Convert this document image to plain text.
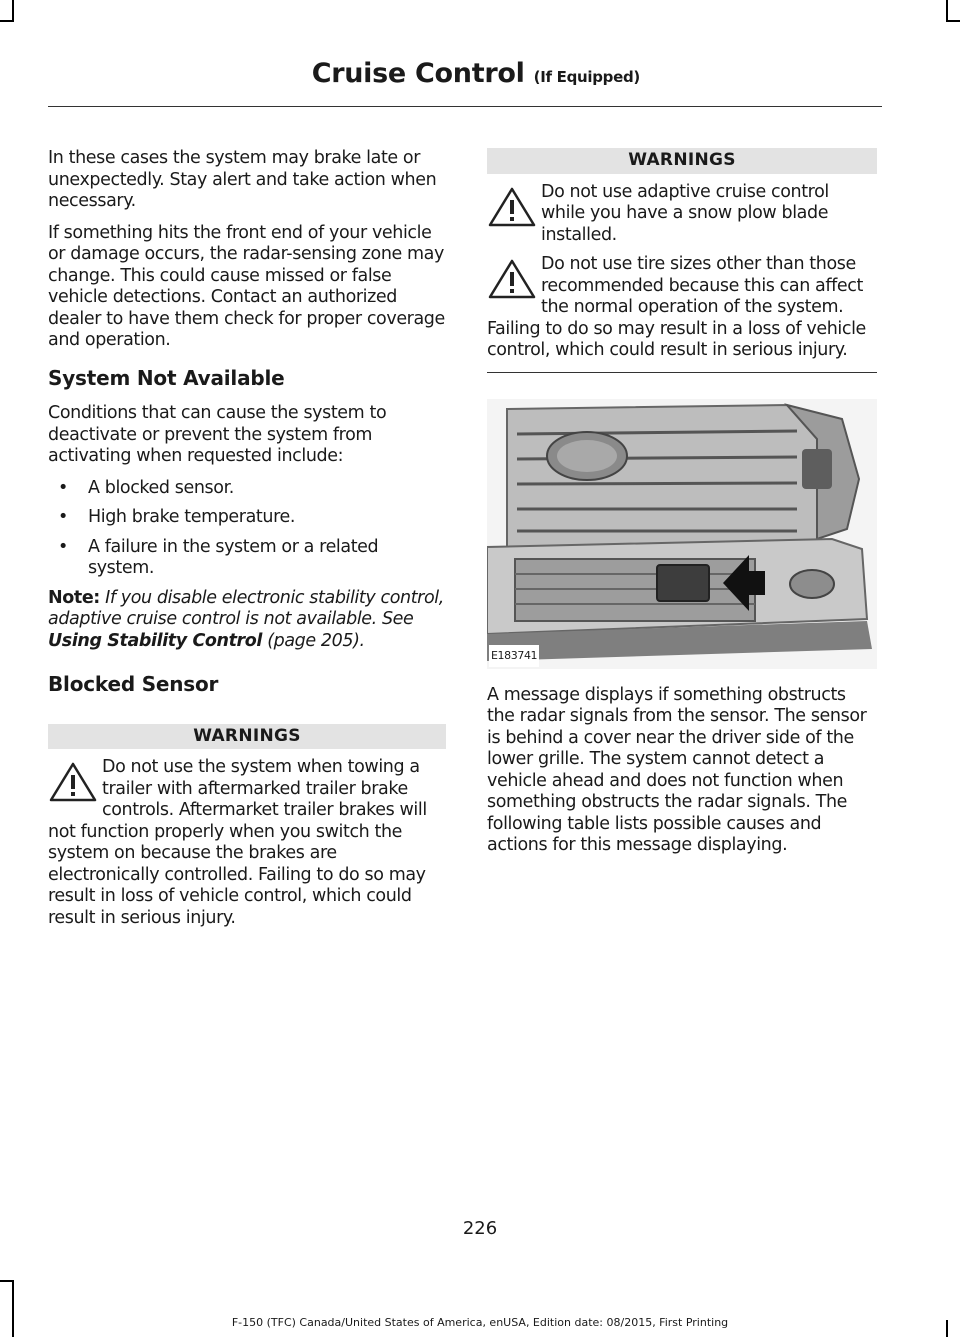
Cruise Control (If Equipped)

In these cases the system may brake late or unexpectedly. Stay alert and take action when necessary.

If something hits the front end of your vehicle or damage occurs, the radar-sensing zone may change. This could cause missed or false vehicle detections. Contact an authorized dealer to have them check for proper coverage and operation.

System Not Available

Conditions that can cause the system to deactivate or prevent the system from activating when requested include:

• A blocked sensor.
• High brake temperature.
• A failure in the system or a related system.

Note: If you disable electronic stability control, adaptive cruise control is not available. See Using Stability Control (page 205).

Blocked Sensor
WARNINGS
Do not use the system when towing a trailer with aftermarked trailer brake controls. Aftermarket trailer brakes will not function properly when you switch the system on because the brakes are electronically controlled. Failing to do so may result in loss of vehicle control, which could result in serious injury.
WARNINGS
Do not use adaptive cruise control while you have a snow plow blade installed.
Do not use tire sizes other than those recommended because this can affect the normal operation of the system. Failing to do so may result in a loss of vehicle control, which could result in serious injury.
E183741

A message displays if something obstructs the radar signals from the sensor. The sensor is behind a cover near the driver side of the lower grille. The system cannot detect a vehicle ahead and does not function when something obstructs the radar signals. The following table lists possible causes and actions for this message displaying.

226
F-150 (TFC) Canada/United States of America, enUSA, Edition date: 08/2015, First Printing
